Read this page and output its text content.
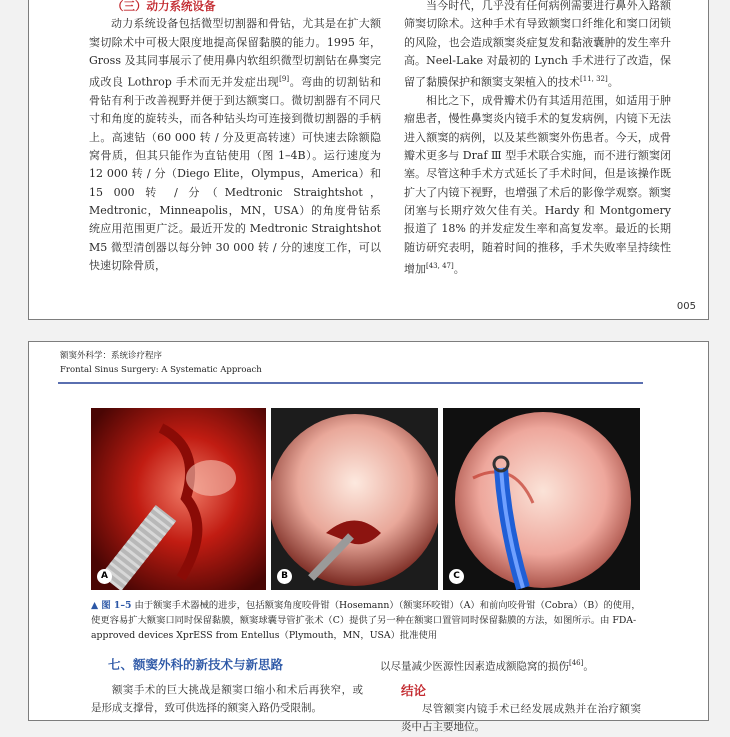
（三）动力系统设备

动力系统设备包括微型切割器和骨钻，尤其是在扩大额窦切除术中可极大限度地提高保留黏膜的能力。1995 年，Gross 及其同事展示了使用鼻内软组织微型切割钻在鼻窦完成改良 Lothrop 手术而无并发症出现[9]。弯曲的切割钻和骨钻有利于改善视野并便于到达额窦口。微切割器有不同尺寸和角度的旋转头，而各种钻头均可连接到微切割器的手柄上。高速钻（60 000 转 / 分及更高转速）可快速去除额隐窝骨质，但其只能作为直钻使用（图 1–4B）。运行速度为 12 000 转 / 分（Diego Elite，Olympus，America）和 15 000 转 / 分（Medtronic Straightshot，Medtronic，Minneapolis，MN，USA）的角度骨钻系统应用范围更广泛。最近开发的 Medtronic Straightshot M5 微型清创器以每分钟 30 000 转 / 分的速度工作，可以快速切除骨质，

当今时代，几乎没有任何病例需要进行鼻外入路额筛窦切除术。这种手术有导致额窦口纤维化和窦口闭锁的风险，也会造成额窦炎症复发和黏液囊肿的发生率升高。Neel-Lake 对最初的 Lynch 手术进行了改造，保留了黏膜保护和额窦支架植入的技术[11, 32]。

相比之下，成骨瓣术仍有其适用范围，如适用于肿瘤患者，慢性鼻窦炎内镜手术的复发病例，内镜下无法进入额窦的病例，以及某些额窦外伤患者。今天，成骨瓣术更多与 Draf Ⅲ 型手术联合实施，而不进行额窦闭塞。尽管这种手术方式延长了手术时间，但是该操作既扩大了内镜下视野，也增强了术后的影像学观察。额窦闭塞与长期疗效欠佳有关。Hardy 和 Montgomery 报道了 18% 的并发症发生率和高复发率。最近的长期随访研究表明，随着时间的推移，手术失败率呈持续性增加[43, 47]。

005
额窦外科学：系统诊疗程序
Frontal Sinus Surgery: A Systematic Approach
A	B	C
▲ 图 1–5 由于额窦手术器械的进步，包括额窦角度咬骨钳（Hosemann）（额窦环咬钳）（A）和前向咬骨钳（Cobra）（B）的使用，使更容易扩大额窦口同时保留黏膜，额窦球囊导管扩张术（C）提供了另一种在额窦口置管同时保留黏膜的方法，如图所示。由 FDA-approved devices XprESS from Entellus（Plymouth，MN，USA）批准使用
七、额窦外科的新技术与新思路

额窦手术的巨大挑战是额窦口缩小和术后再狭窄，或是形成支撑骨，致可供选择的额窦入路仍受限制。

以尽量减少医源性因素造成额隐窝的损伤[46]。

结论

尽管额窦内镜手术已经发展成熟并在治疗额窦炎中占主要地位。
